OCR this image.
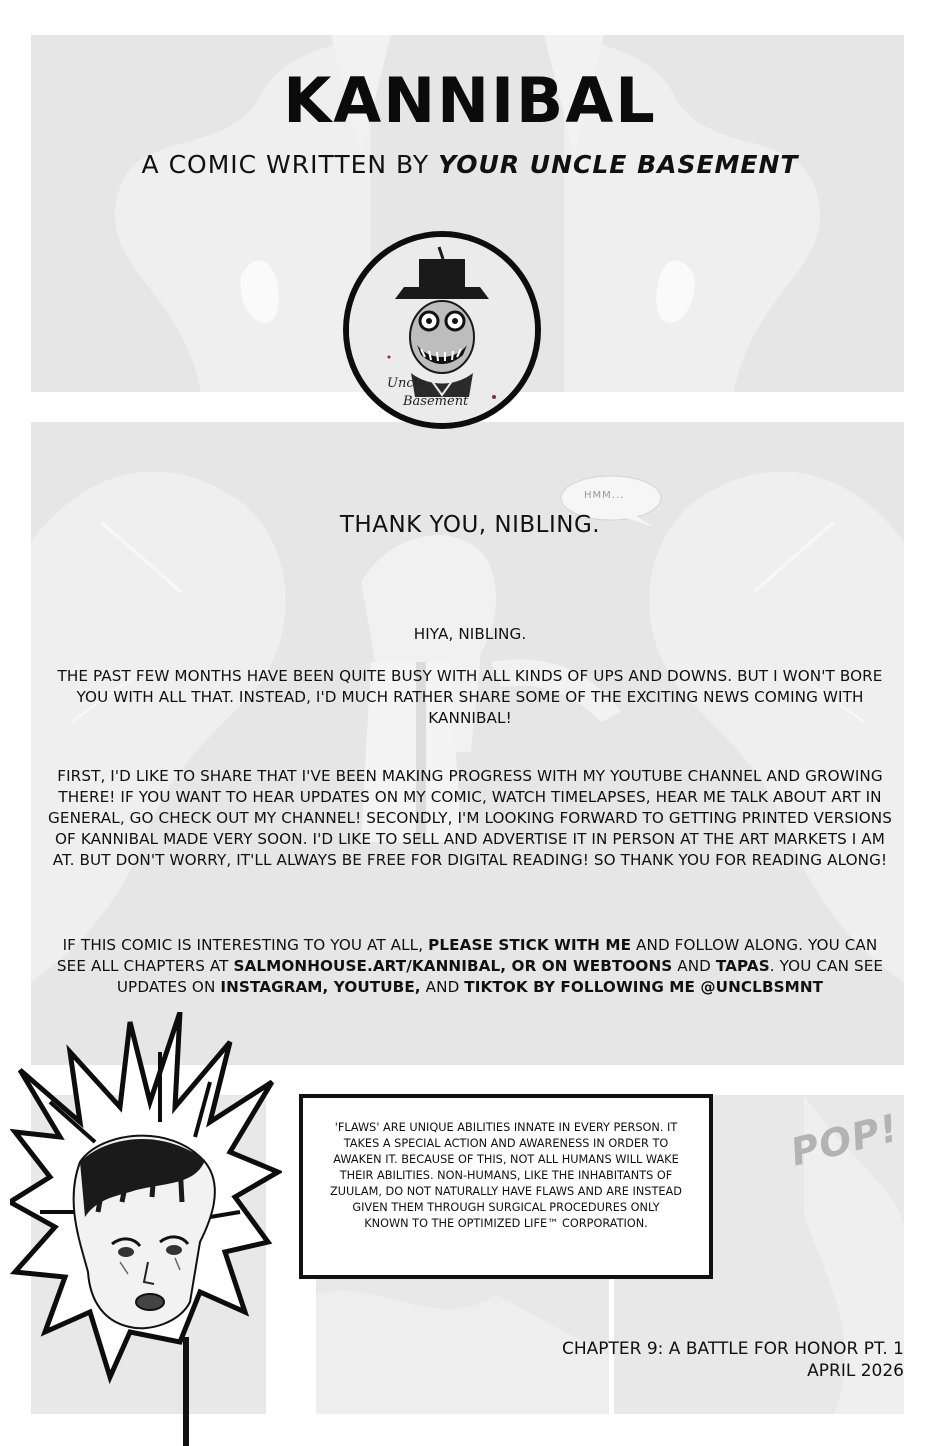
KANNIBAL
A COMIC WRITTEN BY YOUR UNCLE BASEMENT
Uncle
Basement
HMM...
THANK YOU, NIBLING.

HIYA, NIBLING.

THE PAST FEW MONTHS HAVE BEEN QUITE BUSY WITH ALL KINDS OF UPS AND DOWNS. BUT I WON'T BORE YOU WITH ALL THAT. INSTEAD, I'D MUCH RATHER SHARE SOME OF THE EXCITING NEWS COMING WITH KANNIBAL!

FIRST, I'D LIKE TO SHARE THAT I'VE BEEN MAKING PROGRESS WITH MY YOUTUBE CHANNEL AND GROWING THERE! IF YOU WANT TO HEAR UPDATES ON MY COMIC, WATCH TIMELAPSES, HEAR ME TALK ABOUT ART IN GENERAL, GO CHECK OUT MY CHANNEL! SECONDLY, I'M LOOKING FORWARD TO GETTING PRINTED VERSIONS OF KANNIBAL MADE VERY SOON. I'D LIKE TO SELL AND ADVERTISE IT IN PERSON AT THE ART MARKETS I AM AT. BUT DON'T WORRY, IT'LL ALWAYS BE FREE FOR DIGITAL READING! SO THANK YOU FOR READING ALONG!

IF THIS COMIC IS INTERESTING TO YOU AT ALL, PLEASE STICK WITH ME AND FOLLOW ALONG. YOU CAN SEE ALL CHAPTERS AT SALMONHOUSE.ART/KANNIBAL, OR ON WEBTOONS AND TAPAS. YOU CAN SEE UPDATES ON INSTAGRAM, YOUTUBE, AND TIKTOK BY FOLLOWING ME @UNCLBSMNT

POP!

'FLAWS' ARE UNIQUE ABILITIES INNATE IN EVERY PERSON. IT TAKES A SPECIAL ACTION AND AWARENESS IN ORDER TO AWAKEN IT. BECAUSE OF THIS, NOT ALL HUMANS WILL WAKE THEIR ABILITIES. NON-HUMANS, LIKE THE INHABITANTS OF ZUULAM, DO NOT NATURALLY HAVE FLAWS AND ARE INSTEAD GIVEN THEM THROUGH SURGICAL PROCEDURES ONLY KNOWN TO THE OPTIMIZED LIFE™ CORPORATION.

CHAPTER 9: A BATTLE FOR HONOR PT. 1
APRIL 2026
